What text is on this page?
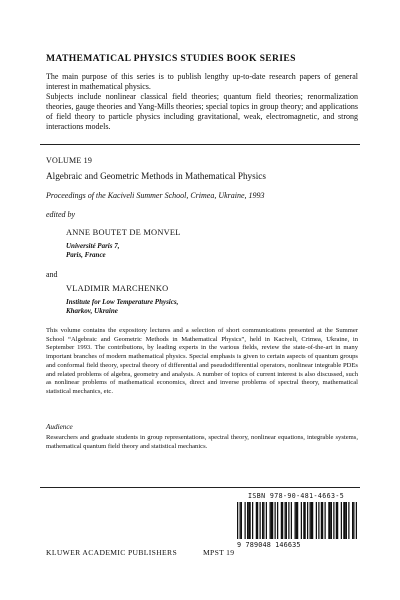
MATHEMATICAL PHYSICS STUDIES BOOK SERIES

The main purpose of this series is to publish lengthy up-to-date research papers of general interest in mathematical physics.

Subjects include nonlinear classical field theories; quantum field theories; renormalization theories, gauge theories and Yang-Mills theories; special topics in group theory; and applications of field theory to particle physics including gravitational, weak, electromagnetic, and strong interactions models.

VOLUME 19
Algebraic and Geometric Methods in Mathematical Physics
Proceedings of the Kaciveli Summer School, Crimea, Ukraine, 1993
edited by
ANNE BOUTET DE MONVEL
Université Paris 7,
Paris, France
and
VLADIMIR MARCHENKO
Institute for Low Temperature Physics,
Kharkov, Ukraine
This volume contains the expository lectures and a selection of short communications presented at the Summer School “Algebraic and Geometric Methods in Mathematical Physics”, held in Kaciveli, Crimea, Ukraine, in September 1993. The contributions, by leading experts in the various fields, review the state-of-the-art in many important branches of modern mathematical physics. Special emphasis is given to certain aspects of quantum groups and conformal field theory, spectral theory of differential and pseudodifferential operators, nonlinear integrable PDEs and related problems of algebra, geometry and analysis. A number of topics of current interest is also discussed, such as nonlinear problems of mathematical economics, direct and inverse problems of spectral theory, mathematical statistical mechanics, etc.
Audience
Researchers and graduate students in group representations, spectral theory, nonlinear equations, integrable systems, mathematical quantum field theory and statistical mechanics.
ISBN 978-90-481-4663-5
9 789048 146635
KLUWER ACADEMIC PUBLISHERS	MPST 19
